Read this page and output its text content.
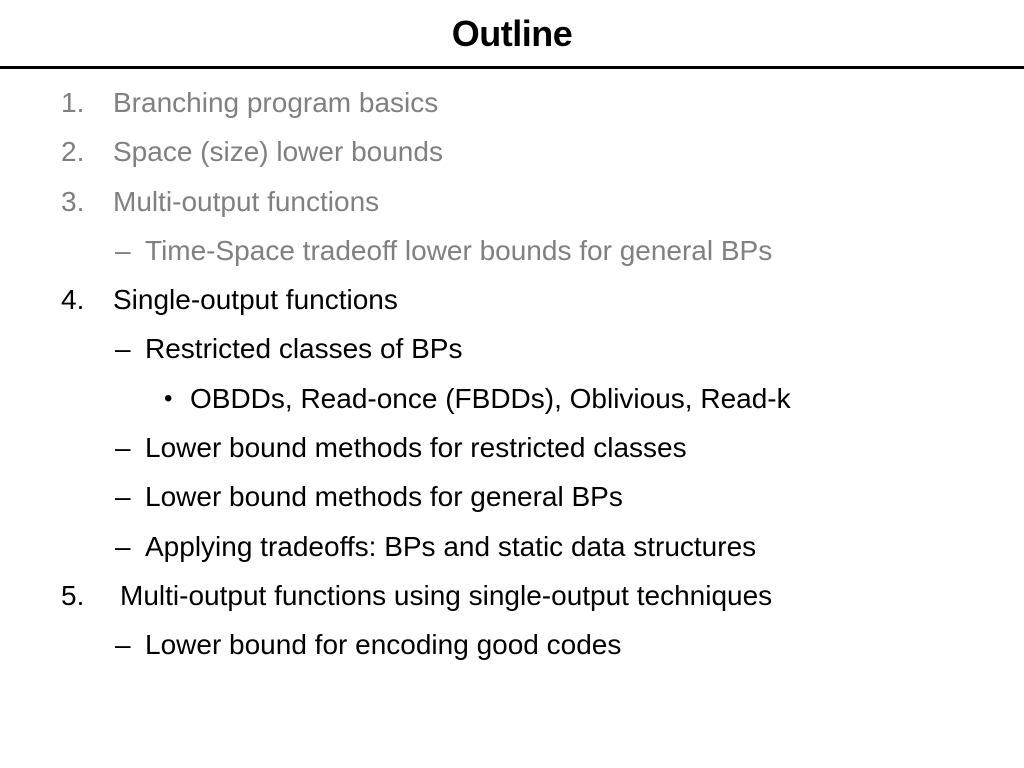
Outline
1. Branching program basics
2. Space (size) lower bounds
3. Multi-output functions
– Time-Space tradeoff lower bounds for general BPs
4. Single-output functions
– Restricted classes of BPs
• OBDDs, Read-once (FBDDs), Oblivious, Read-k
– Lower bound methods for restricted classes
– Lower bound methods for general BPs
– Applying tradeoffs: BPs and static data structures
5. Multi-output functions using single-output techniques
– Lower bound for encoding good codes
